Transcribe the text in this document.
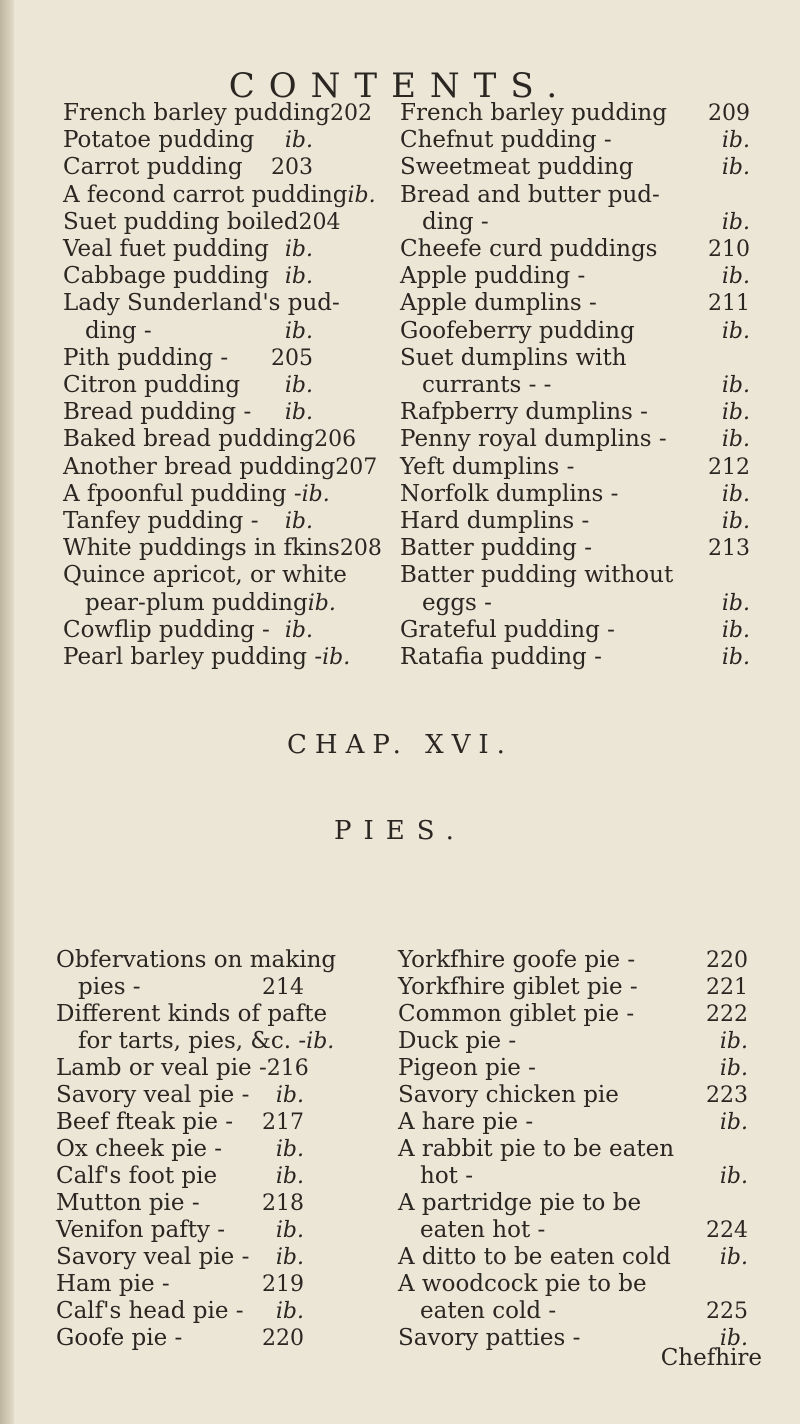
CONTENTS.
French barley pudding 202
Potatoe pudding	ib.
Carrot pudding	203
A fecond carrot pudding ib.
Suet pudding boiled 204
Veal fuet pudding ib.
Cabbage pudding ib.
Lady Sunderland's pud-
ding -	ib.
Pith pudding -	205
Citron pudding	ib.
Bread pudding -	ib.
Baked bread pudding 206
Another bread pudding 207
A fpoonful pudding - ib.
Tanfey pudding -	ib.
White puddings in fkins 208
Quince apricot, or white
pear-plum pudding ib.
Cowflip pudding - ib.
Pearl barley pudding - ib.
French barley pudding	209
Chefnut pudding -	ib.
Sweetmeat pudding	ib.
Bread and butter pud-
ding -	ib.
Cheefe curd puddings	210
Apple pudding -	ib.
Apple dumplins -	211
Goofeberry pudding	ib.
Suet dumplins with
currants - -	ib.
Rafpberry dumplins -	ib.
Penny royal dumplins -	ib.
Yeft dumplins -	212
Norfolk dumplins -	ib.
Hard dumplins -	ib.
Batter pudding -	213
Batter pudding without
eggs -	ib.
Grateful pudding -	ib.
Ratafia pudding -	ib.
CHAP. XVI.
PIES.
Obfervations on making
pies -	214
Different kinds of pafte
for tarts, pies, &c. - ib.
Lamb or veal pie - 216
Savory veal pie -	ib.
Beef fteak pie -	217
Ox cheek pie -	ib.
Calf's foot pie	ib.
Mutton pie -	218
Venifon pafty -	ib.
Savory veal pie -	ib.
Ham pie -	219
Calf's head pie -	ib.
Goofe pie -	220
Yorkfhire goofe pie -	220
Yorkfhire giblet pie -	221
Common giblet pie -	222
Duck pie -	ib.
Pigeon pie -	ib.
Savory chicken pie	223
A hare pie -	ib.
A rabbit pie to be eaten
hot -	ib.
A partridge pie to be
eaten hot -	224
A ditto to be eaten cold	ib.
A woodcock pie to be
eaten cold -	225
Savory patties -	ib.
Chefhire
